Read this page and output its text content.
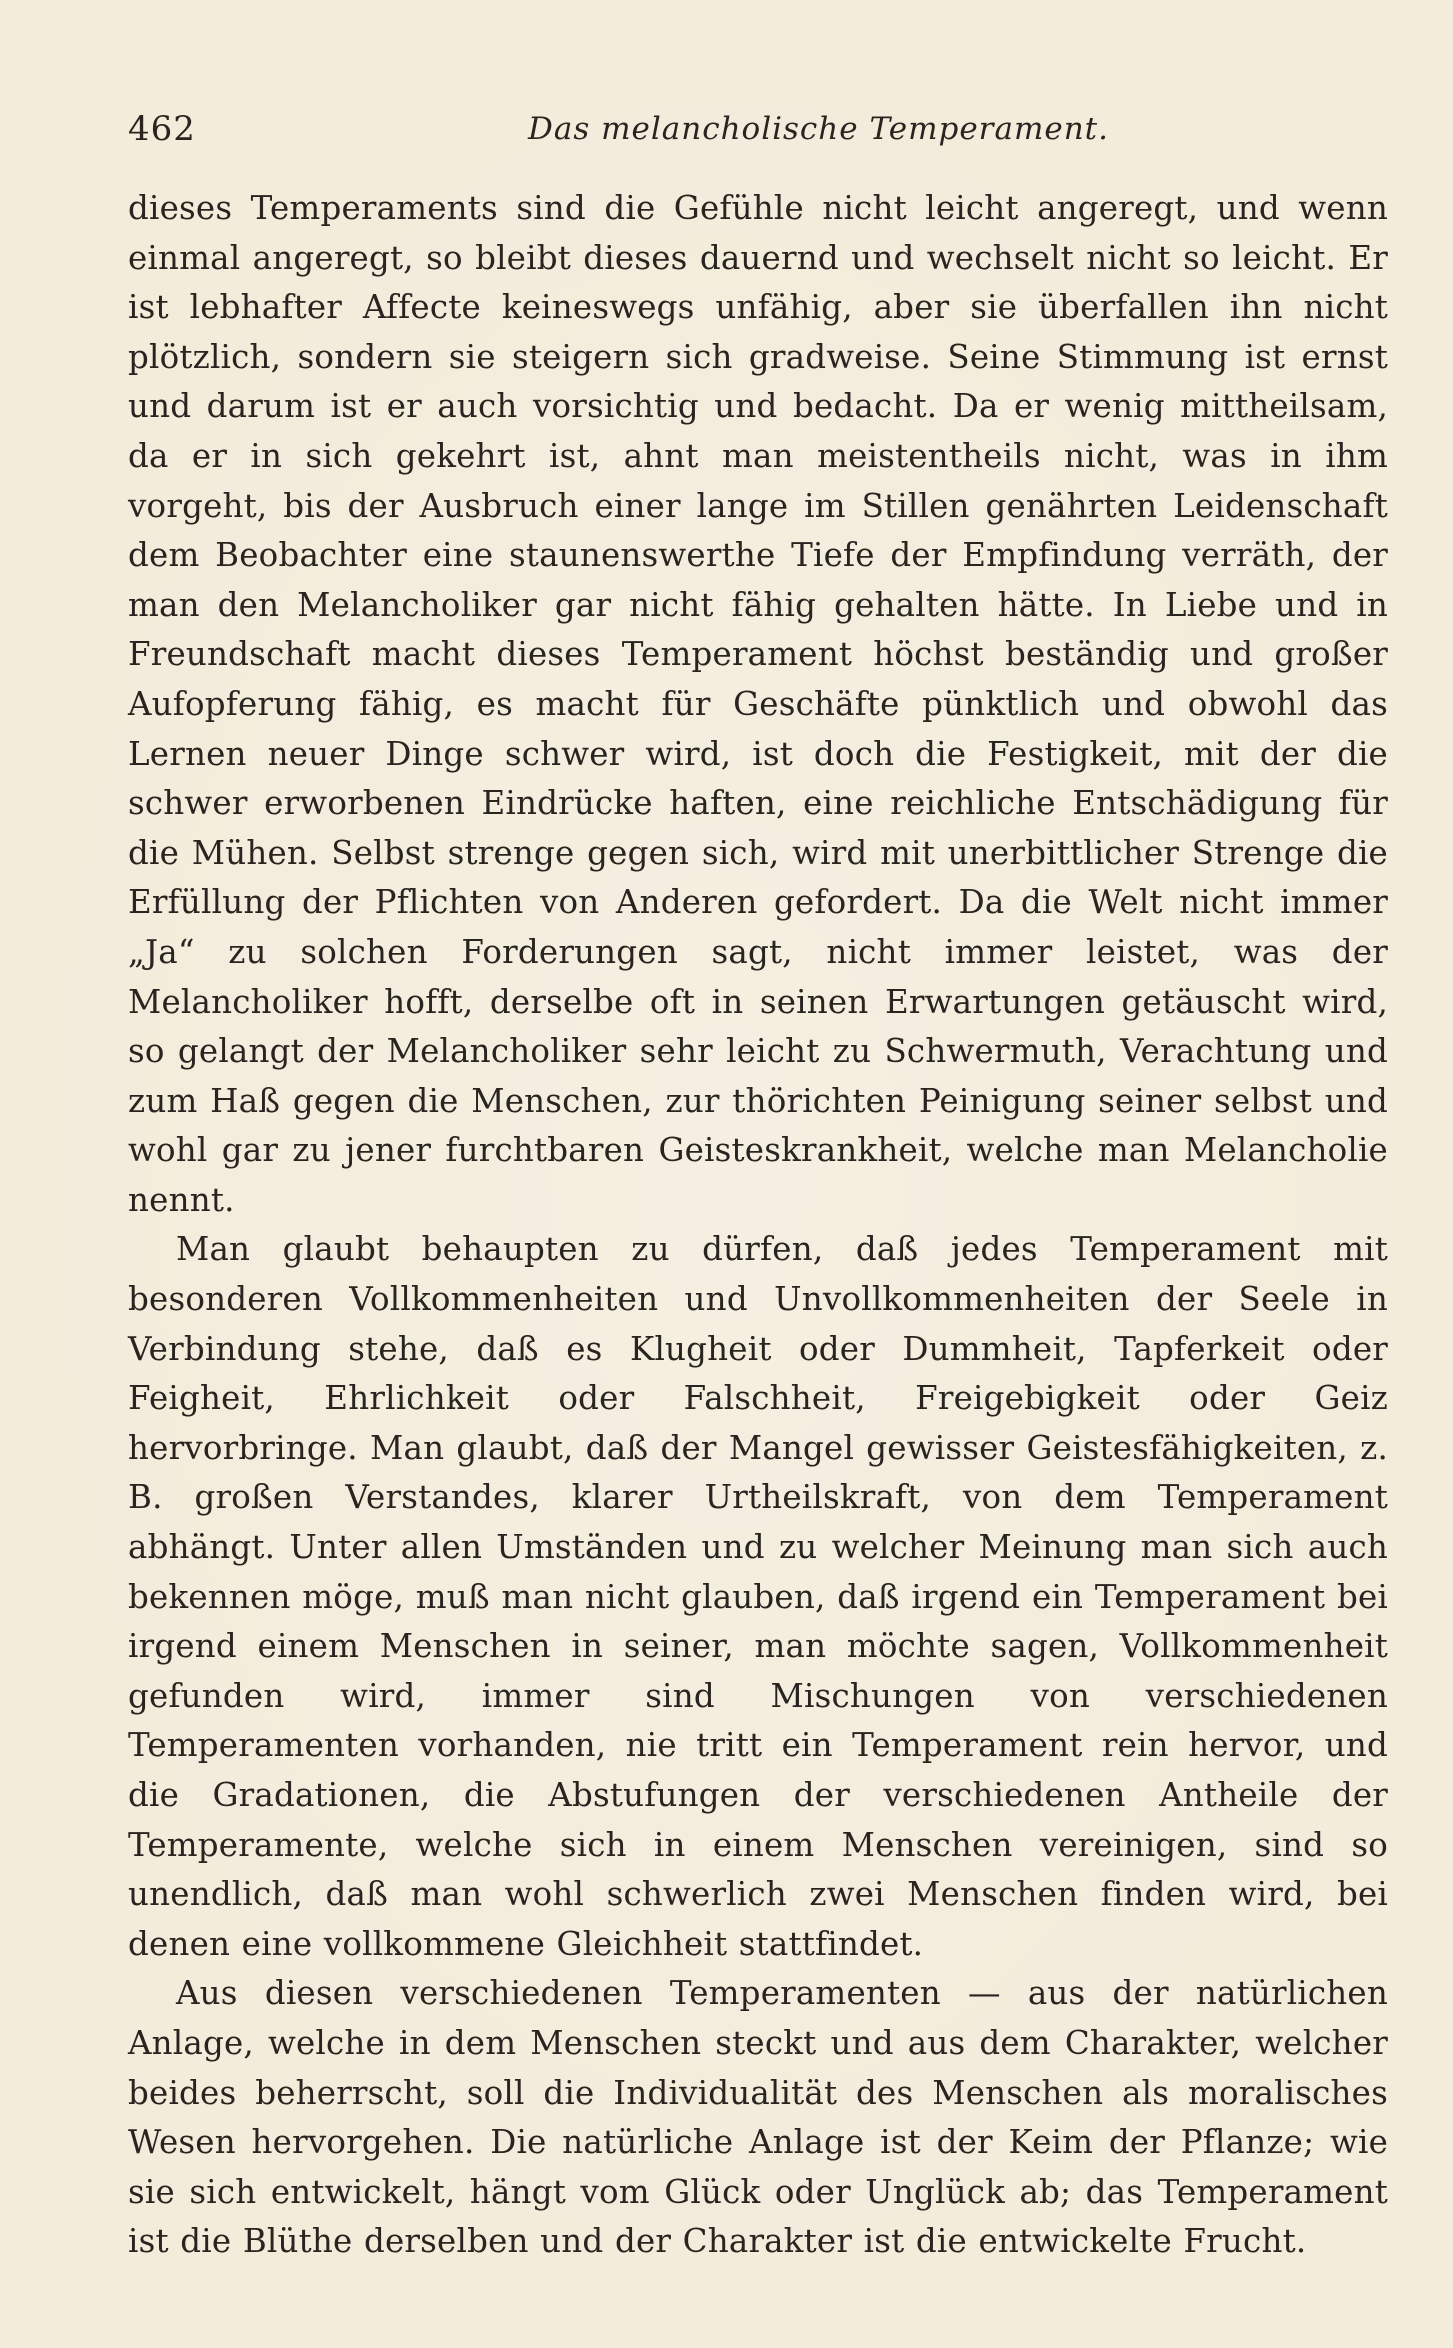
462	Das melancholische Temperament.

dieses Temperaments sind die Gefühle nicht leicht angeregt, und wenn einmal angeregt, so bleibt dieses dauernd und wechselt nicht so leicht. Er ist lebhafter Affecte keineswegs unfähig, aber sie überfallen ihn nicht plötzlich, sondern sie steigern sich gradweise. Seine Stimmung ist ernst und darum ist er auch vorsichtig und bedacht. Da er wenig mittheilsam, da er in sich gekehrt ist, ahnt man meistentheils nicht, was in ihm vorgeht, bis der Ausbruch einer lange im Stillen genährten Leidenschaft dem Beobachter eine staunenswerthe Tiefe der Empfindung verräth, der man den Melancholiker gar nicht fähig gehalten hätte. In Liebe und in Freundschaft macht dieses Temperament höchst beständig und großer Aufopferung fähig, es macht für Geschäfte pünktlich und obwohl das Lernen neuer Dinge schwer wird, ist doch die Festigkeit, mit der die schwer erworbenen Eindrücke haften, eine reichliche Entschädigung für die Mühen. Selbst strenge gegen sich, wird mit unerbittlicher Strenge die Erfüllung der Pflichten von Anderen gefordert. Da die Welt nicht immer „Ja“ zu solchen Forderungen sagt, nicht immer leistet, was der Melancholiker hofft, derselbe oft in seinen Erwartungen getäuscht wird, so gelangt der Melancholiker sehr leicht zu Schwermuth, Verachtung und zum Haß gegen die Menschen, zur thörichten Peinigung seiner selbst und wohl gar zu jener furchtbaren Geisteskrankheit, welche man Melancholie nennt.

Man glaubt behaupten zu dürfen, daß jedes Temperament mit besonderen Vollkommenheiten und Unvollkommenheiten der Seele in Verbindung stehe, daß es Klugheit oder Dummheit, Tapferkeit oder Feigheit, Ehrlichkeit oder Falschheit, Freigebigkeit oder Geiz hervorbringe. Man glaubt, daß der Mangel gewisser Geistesfähigkeiten, z. B. großen Verstandes, klarer Urtheilskraft, von dem Temperament abhängt. Unter allen Umständen und zu welcher Meinung man sich auch bekennen möge, muß man nicht glauben, daß irgend ein Temperament bei irgend einem Menschen in seiner, man möchte sagen, Vollkommenheit gefunden wird, immer sind Mischungen von verschiedenen Temperamenten vorhanden, nie tritt ein Temperament rein hervor, und die Gradationen, die Abstufungen der verschiedenen Antheile der Temperamente, welche sich in einem Menschen vereinigen, sind so unendlich, daß man wohl schwerlich zwei Menschen finden wird, bei denen eine vollkommene Gleichheit stattfindet.

Aus diesen verschiedenen Temperamenten — aus der natürlichen Anlage, welche in dem Menschen steckt und aus dem Charakter, welcher beides beherrscht, soll die Individualität des Menschen als moralisches Wesen hervorgehen. Die natürliche Anlage ist der Keim der Pflanze; wie sie sich entwickelt, hängt vom Glück oder Unglück ab; das Temperament ist die Blüthe derselben und der Charakter ist die entwickelte Frucht.
